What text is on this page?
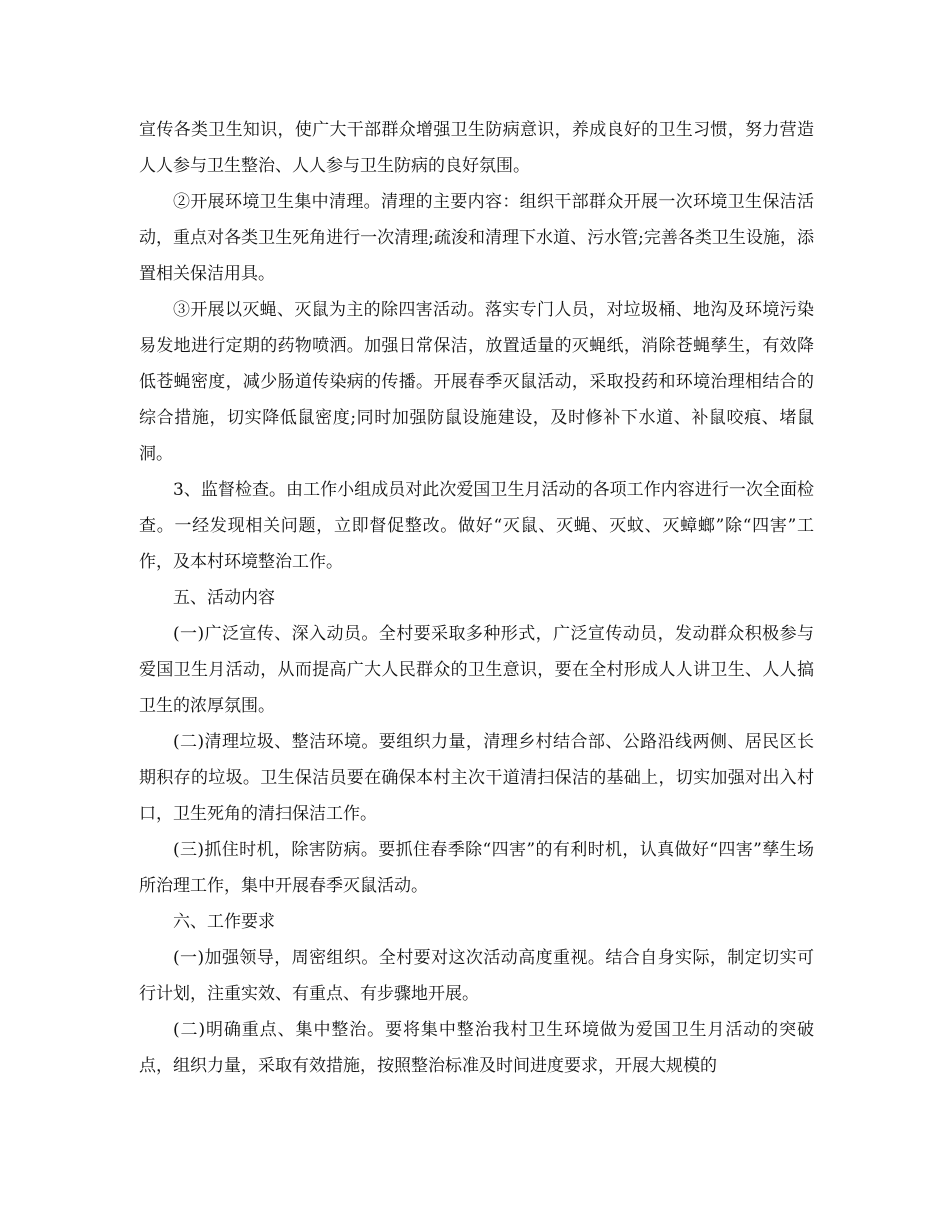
宣传各类卫生知识，使广大干部群众增强卫生防病意识，养成良好的卫生习惯，努力营造人人参与卫生整治、人人参与卫生防病的良好氛围。

②开展环境卫生集中清理。清理的主要内容：组织干部群众开展一次环境卫生保洁活动，重点对各类卫生死角进行一次清理;疏浚和清理下水道、污水管;完善各类卫生设施，添置相关保洁用具。

③开展以灭蝇、灭鼠为主的除四害活动。落实专门人员，对垃圾桶、地沟及环境污染易发地进行定期的药物喷洒。加强日常保洁，放置适量的灭蝇纸，消除苍蝇孳生，有效降低苍蝇密度，减少肠道传染病的传播。开展春季灭鼠活动，采取投药和环境治理相结合的综合措施，切实降低鼠密度;同时加强防鼠设施建设，及时修补下水道、补鼠咬痕、堵鼠洞。

3、监督检查。由工作小组成员对此次爱国卫生月活动的各项工作内容进行一次全面检查。一经发现相关问题，立即督促整改。做好“灭鼠、灭蝇、灭蚊、灭蟑螂”除“四害”工作，及本村环境整治工作。

五、活动内容

(一)广泛宣传、深入动员。全村要采取多种形式，广泛宣传动员，发动群众积极参与爱国卫生月活动，从而提高广大人民群众的卫生意识，要在全村形成人人讲卫生、人人搞卫生的浓厚氛围。

(二)清理垃圾、整洁环境。要组织力量，清理乡村结合部、公路沿线两侧、居民区长期积存的垃圾。卫生保洁员要在确保本村主次干道清扫保洁的基础上，切实加强对出入村口，卫生死角的清扫保洁工作。

(三)抓住时机，除害防病。要抓住春季除“四害”的有利时机，认真做好“四害”孳生场所治理工作，集中开展春季灭鼠活动。

六、工作要求

(一)加强领导，周密组织。全村要对这次活动高度重视。结合自身实际，制定切实可行计划，注重实效、有重点、有步骤地开展。

(二)明确重点、集中整治。要将集中整治我村卫生环境做为爱国卫生月活动的突破点，组织力量，采取有效措施，按照整治标准及时间进度要求，开展大规模的
